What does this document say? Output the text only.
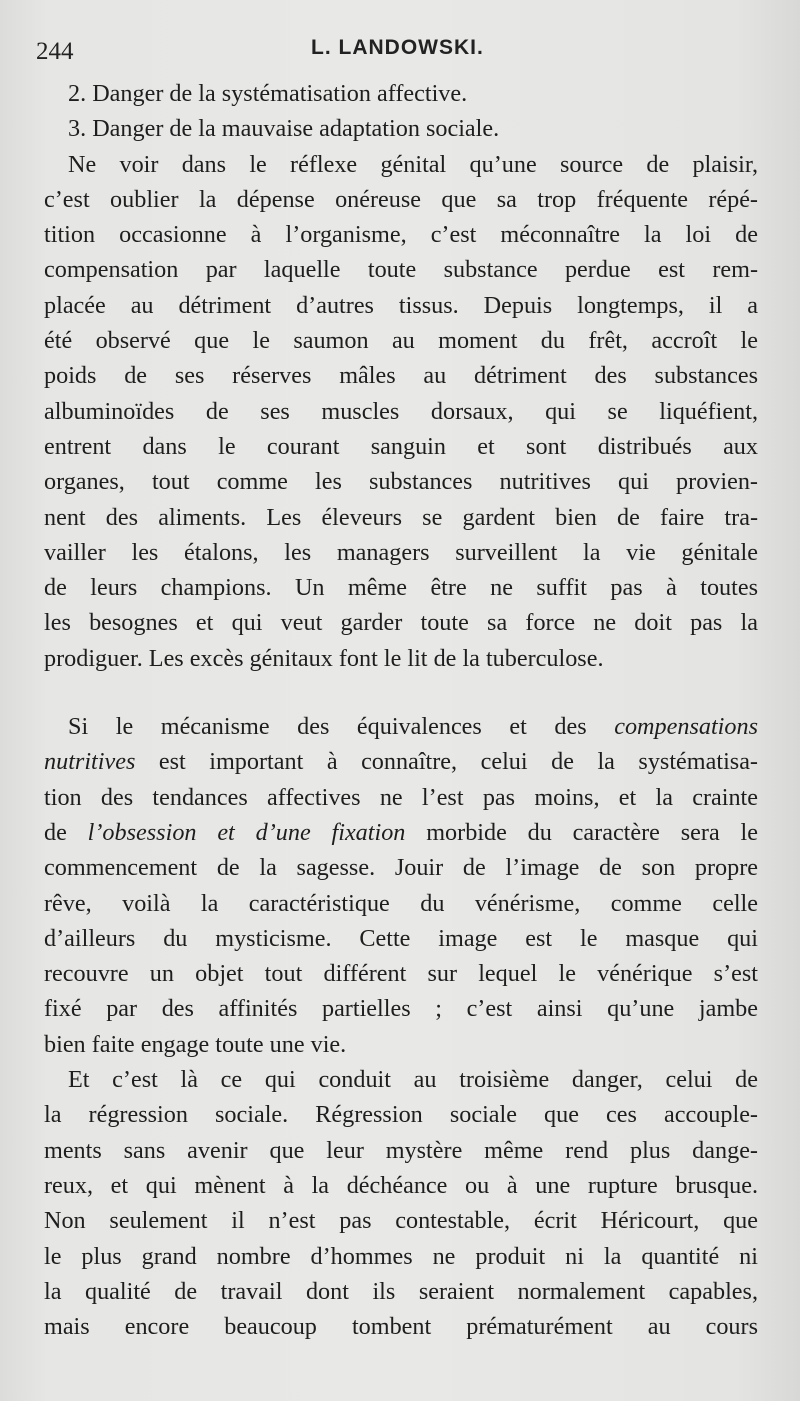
244	L. LANDOWSKI.
2. Danger de la systématisation affective.
3. Danger de la mauvaise adaptation sociale.
Ne voir dans le réflexe génital qu’une source de plaisir,
c’est oublier la dépense onéreuse que sa trop fréquente répé-
tition occasionne à l’organisme, c’est méconnaître la loi de
compensation par laquelle toute substance perdue est rem-
placée au détriment d’autres tissus. Depuis longtemps, il a
été observé que le saumon au moment du frêt, accroît le
poids de ses réserves mâles au détriment des substances
albuminoïdes de ses muscles dorsaux, qui se liquéfient,
entrent dans le courant sanguin et sont distribués aux
organes, tout comme les substances nutritives qui provien-
nent des aliments. Les éleveurs se gardent bien de faire tra-
vailler les étalons, les managers surveillent la vie génitale
de leurs champions. Un même être ne suffit pas à toutes
les besognes et qui veut garder toute sa force ne doit pas la
prodiguer. Les excès génitaux font le lit de la tuberculose.
Si le mécanisme des équivalences et des compensations
nutritives est important à connaître, celui de la systématisa-
tion des tendances affectives ne l’est pas moins, et la crainte
de l’obsession et d’une fixation morbide du caractère sera le
commencement de la sagesse. Jouir de l’image de son propre
rêve, voilà la caractéristique du vénérisme, comme celle
d’ailleurs du mysticisme. Cette image est le masque qui
recouvre un objet tout différent sur lequel le vénérique s’est
fixé par des affinités partielles ; c’est ainsi qu’une jambe
bien faite engage toute une vie.
Et c’est là ce qui conduit au troisième danger, celui de
la régression sociale. Régression sociale que ces accouple-
ments sans avenir que leur mystère même rend plus dange-
reux, et qui mènent à la déchéance ou à une rupture brusque.
Non seulement il n’est pas contestable, écrit Héricourt, que
le plus grand nombre d’hommes ne produit ni la quantité ni
la qualité de travail dont ils seraient normalement capables,
mais encore beaucoup tombent prématurément au cours
